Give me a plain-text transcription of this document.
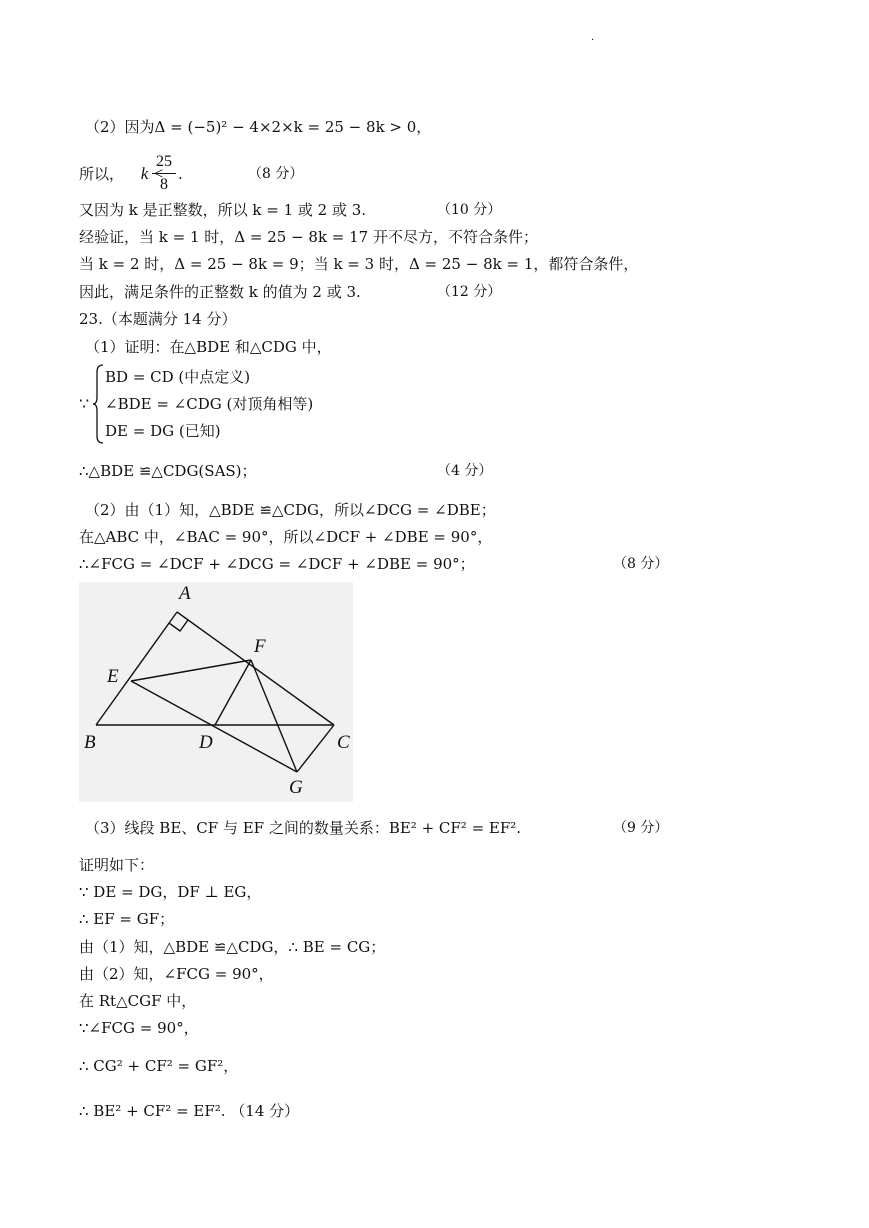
·
（2）因为Δ = (−5)² − 4×2×k = 25 − 8k > 0，
所以， k <
25
8
.	（8 分）
又因为 k 是正整数，所以 k = 1 或 2 或 3.	（10 分）
经验证，当 k = 1 时，Δ = 25 − 8k = 17 开不尽方，不符合条件；
当 k = 2 时，Δ = 25 − 8k = 9；当 k = 3 时，Δ = 25 − 8k = 1，都符合条件，
因此，满足条件的正整数 k 的值为 2 或 3.	（12 分）
23.（本题满分 14 分）
（1）证明：在△BDE 和△CDG 中，
∵
BD = CD (中点定义)
∠BDE = ∠CDG (对顶角相等)
DE = DG (已知)
∴△BDE ≌△CDG(SAS)；	（4 分）
（2）由（1）知，△BDE ≌△CDG，所以∠DCG = ∠DBE；
在△ABC 中，∠BAC = 90°，所以∠DCF + ∠DBE = 90°，
∴∠FCG = ∠DCF + ∠DCG = ∠DCF + ∠DBE = 90°；	（8 分）
A
F
E
B	D	C
G
（3）线段 BE、CF 与 EF 之间的数量关系：BE² + CF² = EF².	（9 分）
证明如下：
∵ DE = DG，DF ⊥ EG，
∴ EF = GF；
由（1）知，△BDE ≌△CDG，∴ BE = CG；
由（2）知，∠FCG = 90°，
在 Rt△CGF 中，
∵∠FCG = 90°，
∴ CG² + CF² = GF²，
∴ BE² + CF² = EF². （14 分）
